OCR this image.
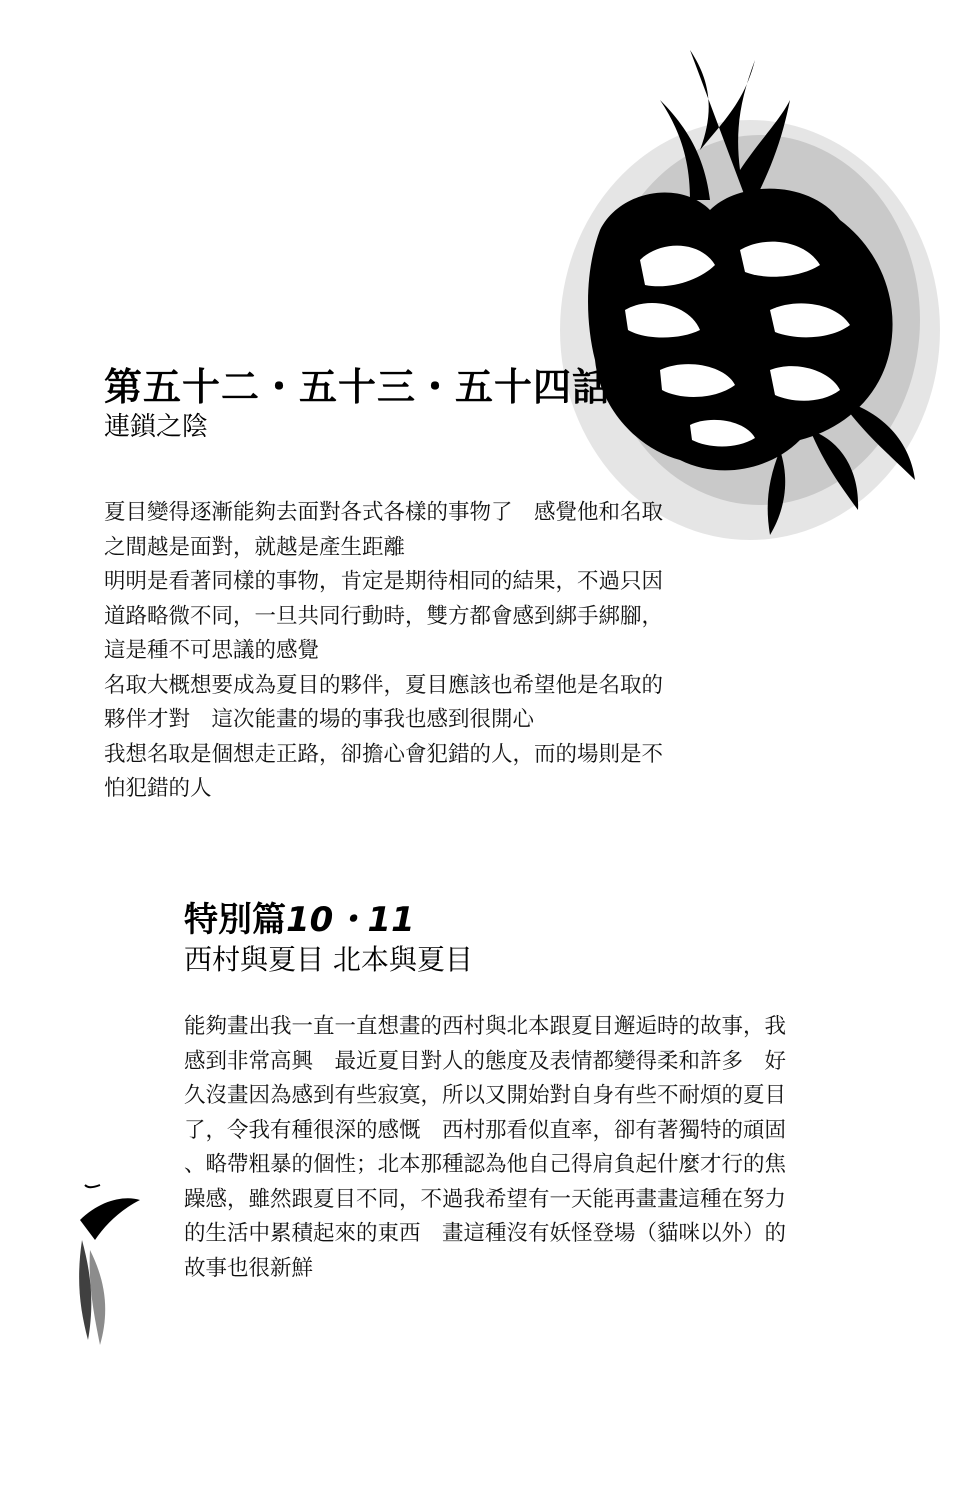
第五十二・五十三・五十四話
連鎖之陰
夏目變得逐漸能夠去面對各式各樣的事物了　感覺他和名取
之間越是面對，就越是產生距離
明明是看著同樣的事物，肯定是期待相同的結果，不過只因
道路略微不同，一旦共同行動時，雙方都會感到綁手綁腳，
這是種不可思議的感覺
名取大概想要成為夏目的夥伴，夏目應該也希望他是名取的
夥伴才對　這次能畫的場的事我也感到很開心
我想名取是個想走正路，卻擔心會犯錯的人，而的場則是不
怕犯錯的人
特別篇10・11
西村與夏目 北本與夏目
能夠畫出我一直一直想畫的西村與北本跟夏目邂逅時的故事，我
感到非常高興　最近夏目對人的態度及表情都變得柔和許多　好
久沒畫因為感到有些寂寞，所以又開始對自身有些不耐煩的夏目
了，令我有種很深的感慨　西村那看似直率，卻有著獨特的頑固
、略帶粗暴的個性；北本那種認為他自己得肩負起什麼才行的焦
躁感，雖然跟夏目不同，不過我希望有一天能再畫畫這種在努力
的生活中累積起來的東西　畫這種沒有妖怪登場（貓咪以外）的
故事也很新鮮
